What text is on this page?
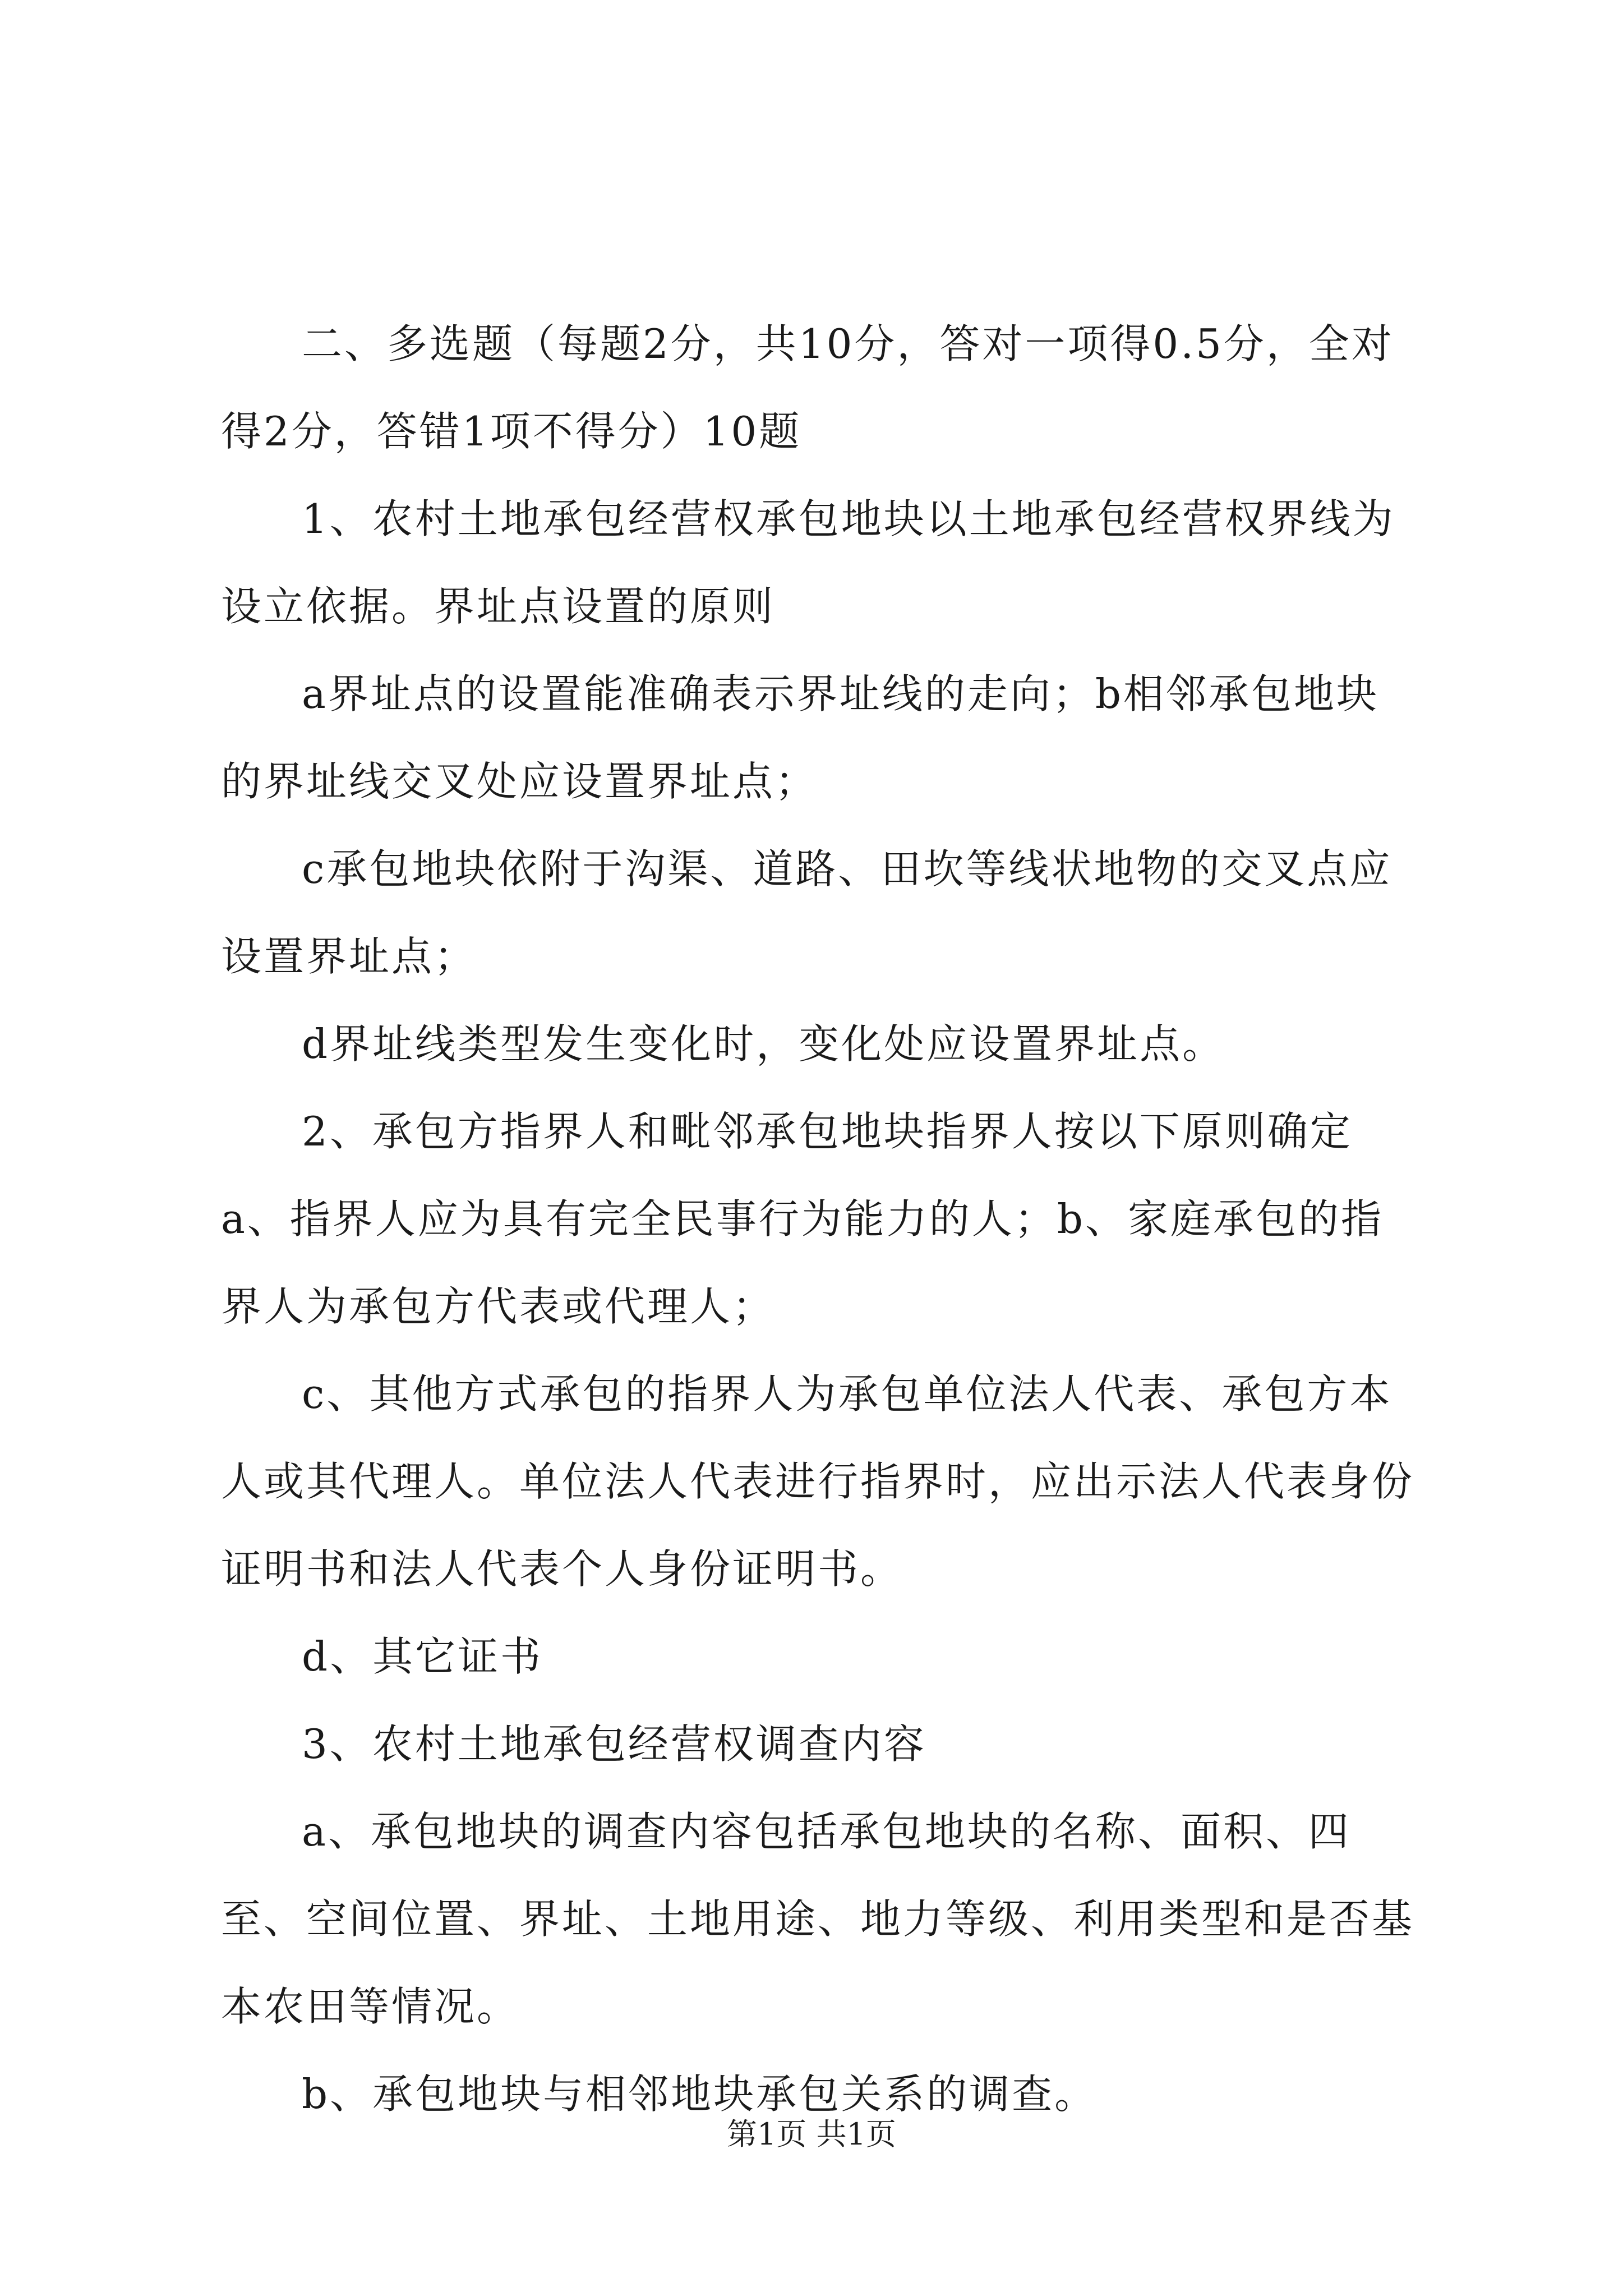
二、多选题（每题2分，共10分，答对一项得0.5分，全对得2分，答错1项不得分）10题

1、农村土地承包经营权承包地块以土地承包经营权界线为设立依据。界址点设置的原则

a界址点的设置能准确表示界址线的走向；b相邻承包地块的界址线交叉处应设置界址点；

c承包地块依附于沟渠、道路、田坎等线状地物的交叉点应设置界址点；

d界址线类型发生变化时，变化处应设置界址点。

2、承包方指界人和毗邻承包地块指界人按以下原则确定a、指界人应为具有完全民事行为能力的人；b、家庭承包的指界人为承包方代表或代理人；

c、其他方式承包的指界人为承包单位法人代表、承包方本人或其代理人。单位法人代表进行指界时，应出示法人代表身份证明书和法人代表个人身份证明书。

d、其它证书

3、农村土地承包经营权调查内容

a、承包地块的调查内容包括承包地块的名称、面积、四至、空间位置、界址、土地用途、地力等级、利用类型和是否基本农田等情况。

b、承包地块与相邻地块承包关系的调查。

第1页 共1页
